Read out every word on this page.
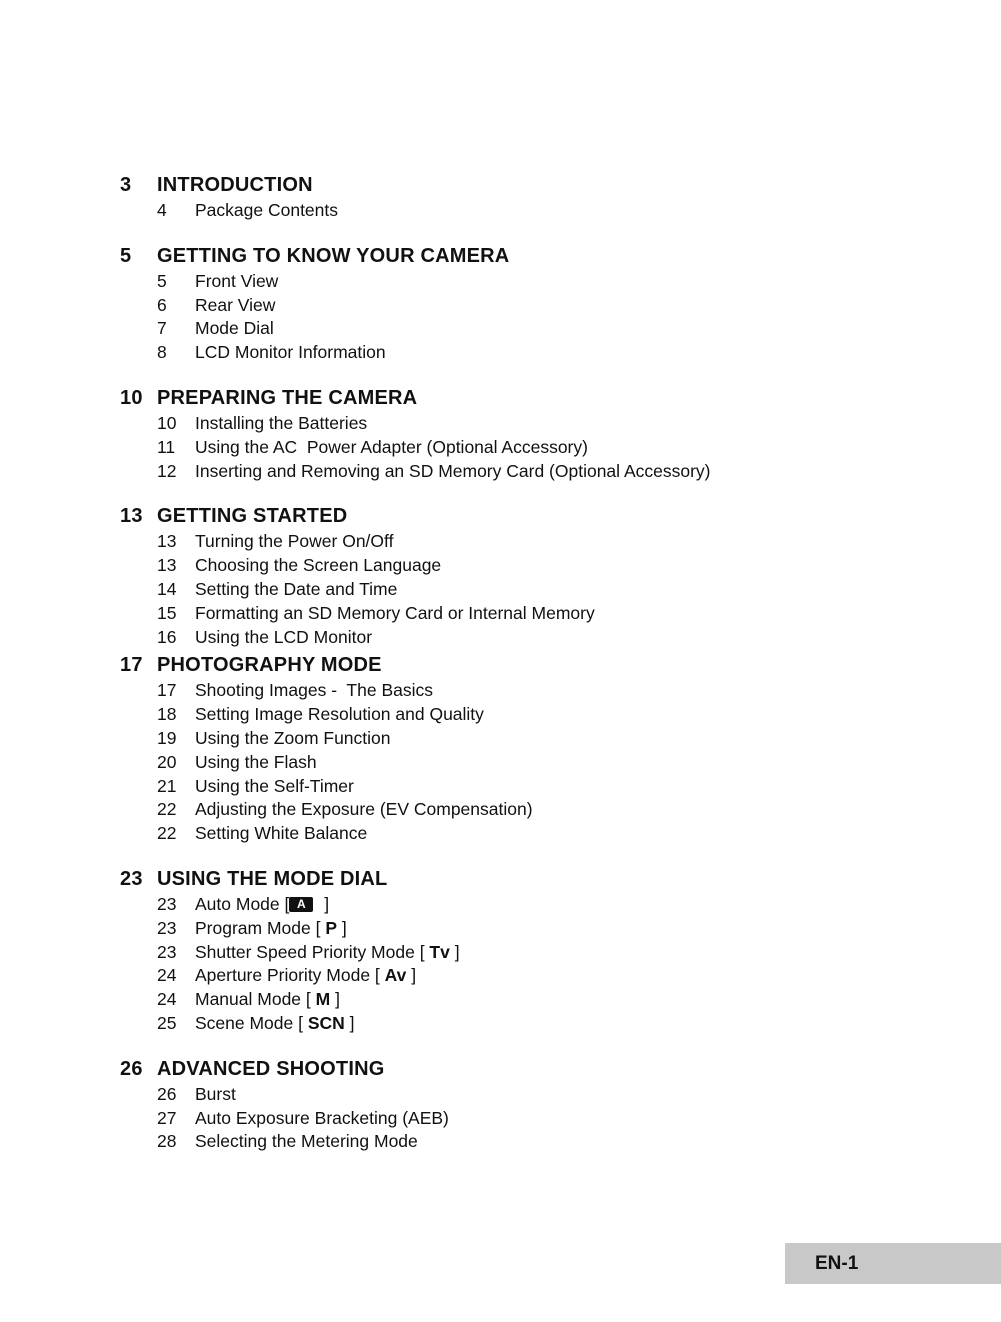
3	INTRODUCTION
4	Package Contents
5	GETTING TO KNOW YOUR CAMERA
5	Front View
6	Rear View
7	Mode Dial
8	LCD Monitor Information
10 PREPARING THE CAMERA
10	Installing the Batteries
11	Using the AC  Power Adapter (Optional Accessory)
12	Inserting and Removing an SD Memory Card (Optional Accessory)
13 GETTING STARTED
13	Turning the Power On/Off
13	Choosing the Screen Language
14	Setting the Date and Time
15	Formatting an SD Memory Card or Internal Memory
16	Using the LCD Monitor
17 PHOTOGRAPHY MODE
17	Shooting Images -  The Basics
18	Setting Image Resolution and Quality
19	Using the Zoom Function
20	Using the Flash
21	Using the Self-Timer
22	Adjusting the Exposure (EV Compensation)
22	Setting White Balance
23 USING THE MODE DIAL
23	Auto Mode [A ]
23	Program Mode [ P ]
23	Shutter Speed Priority Mode [ Tv ]
24	Aperture Priority Mode [ Av ]
24	Manual Mode [ M ]
25	Scene Mode [ SCN ]
26 ADVANCED SHOOTING
26	Burst
27	Auto Exposure Bracketing (AEB)
28	Selecting the Metering Mode
EN-1
